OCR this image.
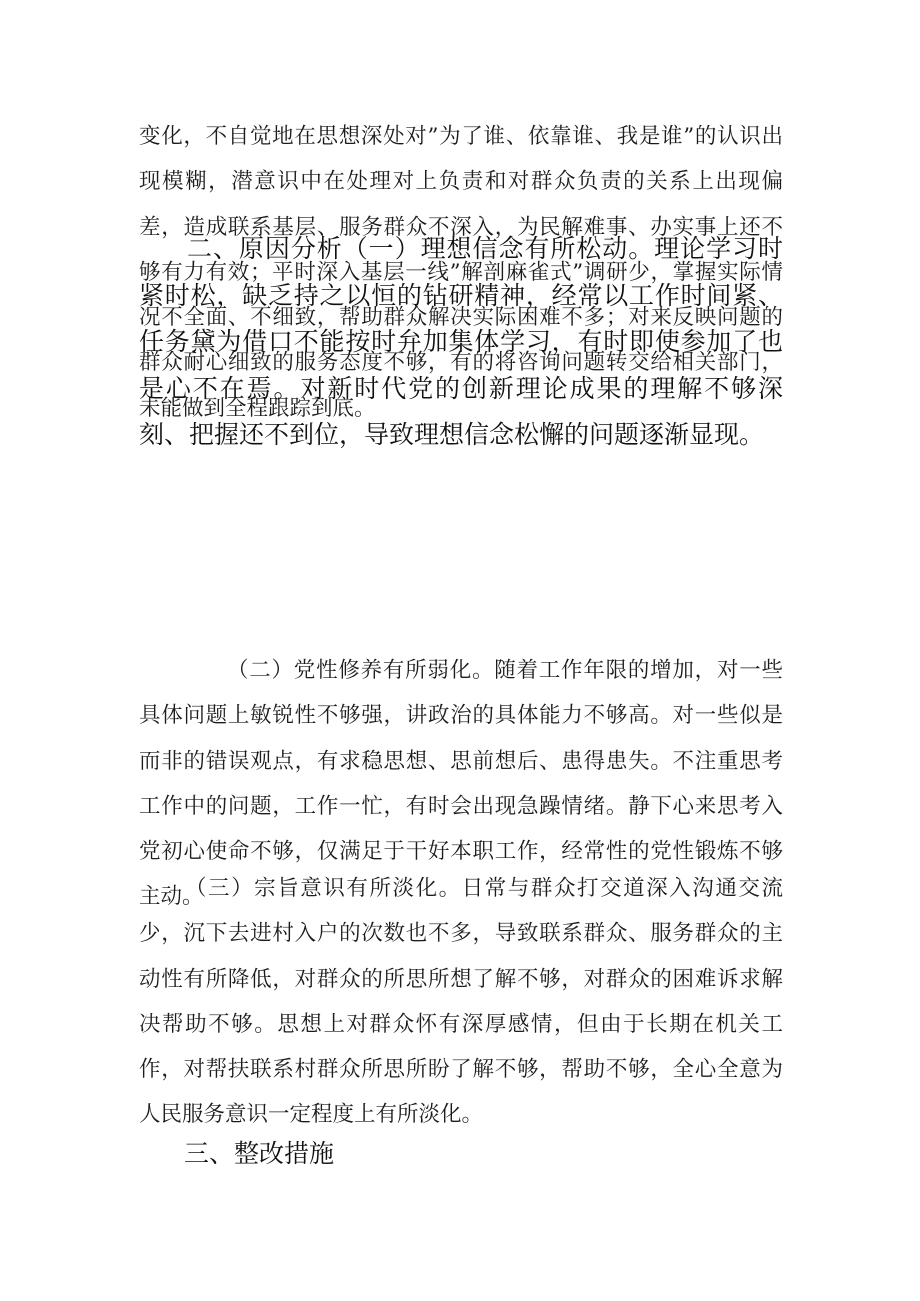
变化，不自觉地在思想深处对”为了谁、依靠谁、我是谁”的认识出现模糊，潜意识中在处理对上负责和对群众负责的关系上出现偏差，造成联系基层、服务群众不深入，为民解难事、办实事上还不够有力有效；平时深入基层一线”解剖麻雀式”调研少，掌握实际情况不全面、不细致，帮助群众解决实际困难不多；对来反映问题的群众耐心细致的服务态度不够，有的将咨询问题转交给相关部门，未能做到全程跟踪到底。

二、原因分析（一）理想信念有所松动。理论学习时紧时松，缺乏持之以恒的钻研精神，经常以工作时间紧、任务黛为借口不能按时弁加集体学习，有时即使参加了也是心不在焉。对新时代党的创新理论成果的理解不够深刻、把握还不到位，导致理想信念松懈的问题逐渐显现。

（二）党性修养有所弱化。随着工作年限的增加，对一些具体问题上敏锐性不够强，讲政治的具体能力不够高。对一些似是而非的错误观点，有求稳思想、思前想后、患得患失。不注重思考工作中的问题，工作一忙，有时会出现急躁情绪。静下心来思考入党初心使命不够，仅满足于干好本职工作，经常性的党性锻炼不够主动。

（三）宗旨意识有所淡化。日常与群众打交道深入沟通交流少，沉下去进村入户的次数也不多，导致联系群众、服务群众的主动性有所降低，对群众的所思所想了解不够，对群众的困难诉求解决帮助不够。思想上对群众怀有深厚感情，但由于长期在机关工作，对帮扶联系村群众所思所盼了解不够，帮助不够，全心全意为人民服务意识一定程度上有所淡化。

三、整改措施
